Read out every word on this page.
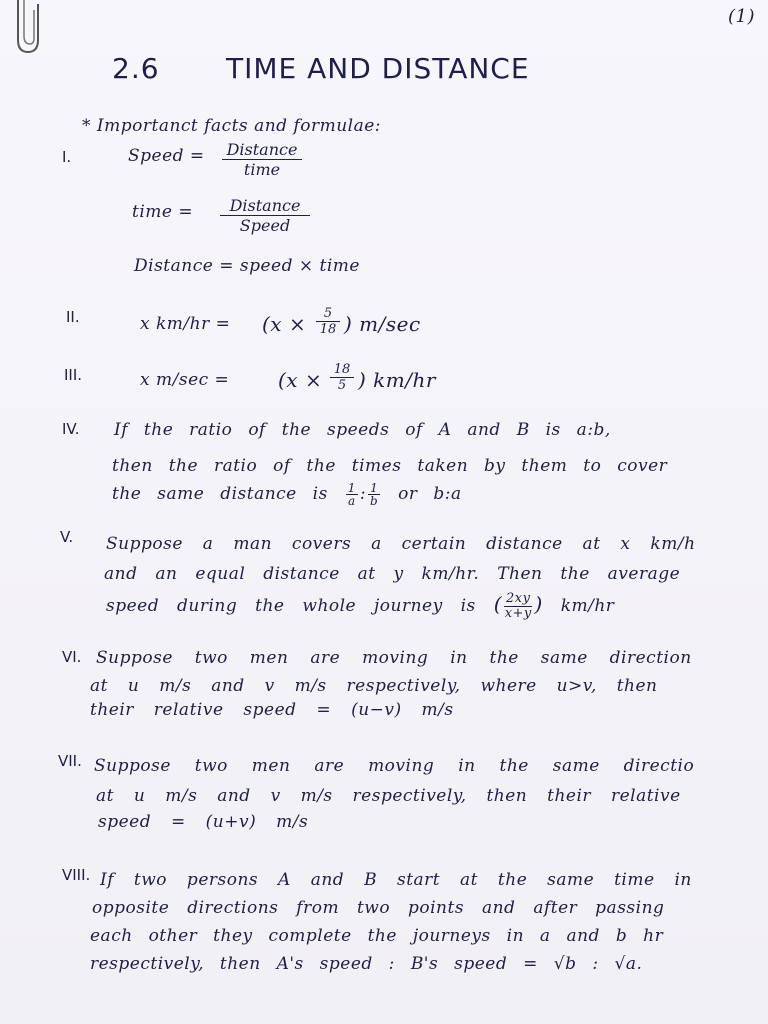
(1)
2.6 TIME AND DISTANCE
* Importanct facts and formulae:
I.	Speed = Distance
time
time =	Distance
Speed
Distance = speed × time
II.	x km/hr = (x ×	5
18 ) m/sec
III.	x m/sec = (x × 18
5 ) km/hr
IV. If the ratio of the speeds of A and B is a:b,
then the ratio of the times taken by them to cover
the same distance is $\frac{1}{a}$ : $\frac{1}{b}$ or b:a
V. Suppose a man covers a certain distance at x km/h
and an equal distance at y km/hr. Then the average
speed during the whole journey is ( $\frac{2xy}{x+y}$ ) km/hr
VI. Suppose two men are moving in the same direction
at u m/s and v m/s respectively, where u>v, then
their relative speed = (u−v) m/s
VII. Suppose two men are moving in the same directio
at u m/s and v m/s respectively, then their relative
speed = (u+v) m/s
VIII. If two persons A and B start at the same time in
opposite directions from two points and after passing
each other they complete the journeys in a and b hr
respectively, then A's speed : B's speed = √b : √a.
